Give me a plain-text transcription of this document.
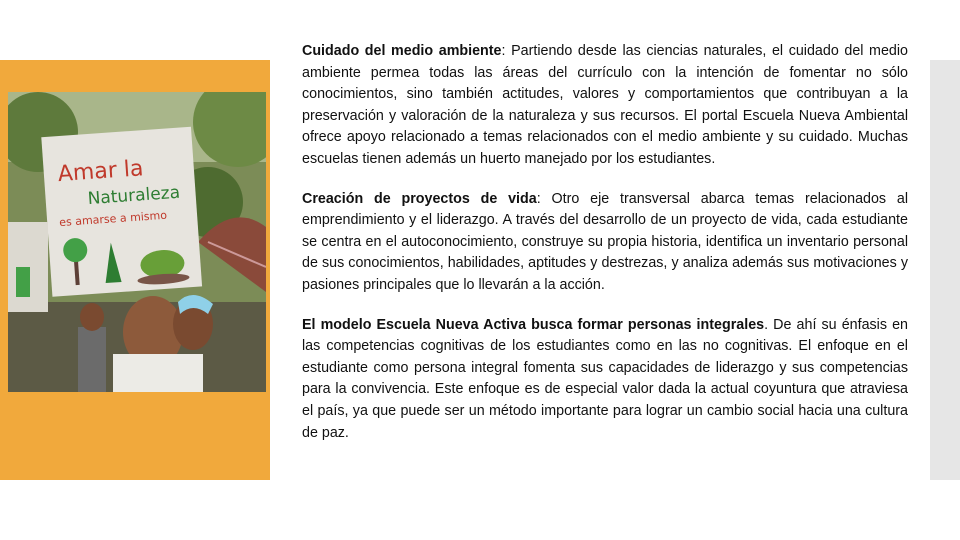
Amar la
Naturaleza
es amarse a mismo

Cuidado del medio ambiente: Partiendo desde las ciencias naturales, el cuidado del medio ambiente permea todas las áreas del currículo con la intención de fomentar no sólo conocimientos, sino también actitudes, valores y comportamientos que contribuyan a la preservación y valoración de la naturaleza y sus recursos. El portal Escuela Nueva Ambiental ofrece apoyo relacionado a temas relacionados con el medio ambiente y su cuidado. Muchas escuelas tienen además un huerto manejado por los estudiantes.

Creación de proyectos de vida: Otro eje transversal abarca temas relacionados al emprendimiento y el liderazgo. A través del desarrollo de un proyecto de vida, cada estudiante se centra en el autoconocimiento, construye su propia historia, identifica un inventario personal de sus conocimientos, habilidades, aptitudes y destrezas, y analiza además sus motivaciones y pasiones principales que lo llevarán a la acción.

El modelo Escuela Nueva Activa busca formar personas integrales. De ahí su énfasis en las competencias cognitivas de los estudiantes como en las no cognitivas. El enfoque en el estudiante como persona integral fomenta sus capacidades de liderazgo y sus competencias para la convivencia. Este enfoque es de especial valor dada la actual coyuntura que atraviesa el país, ya que puede ser un método importante para lograr un cambio social hacia una cultura de paz.
